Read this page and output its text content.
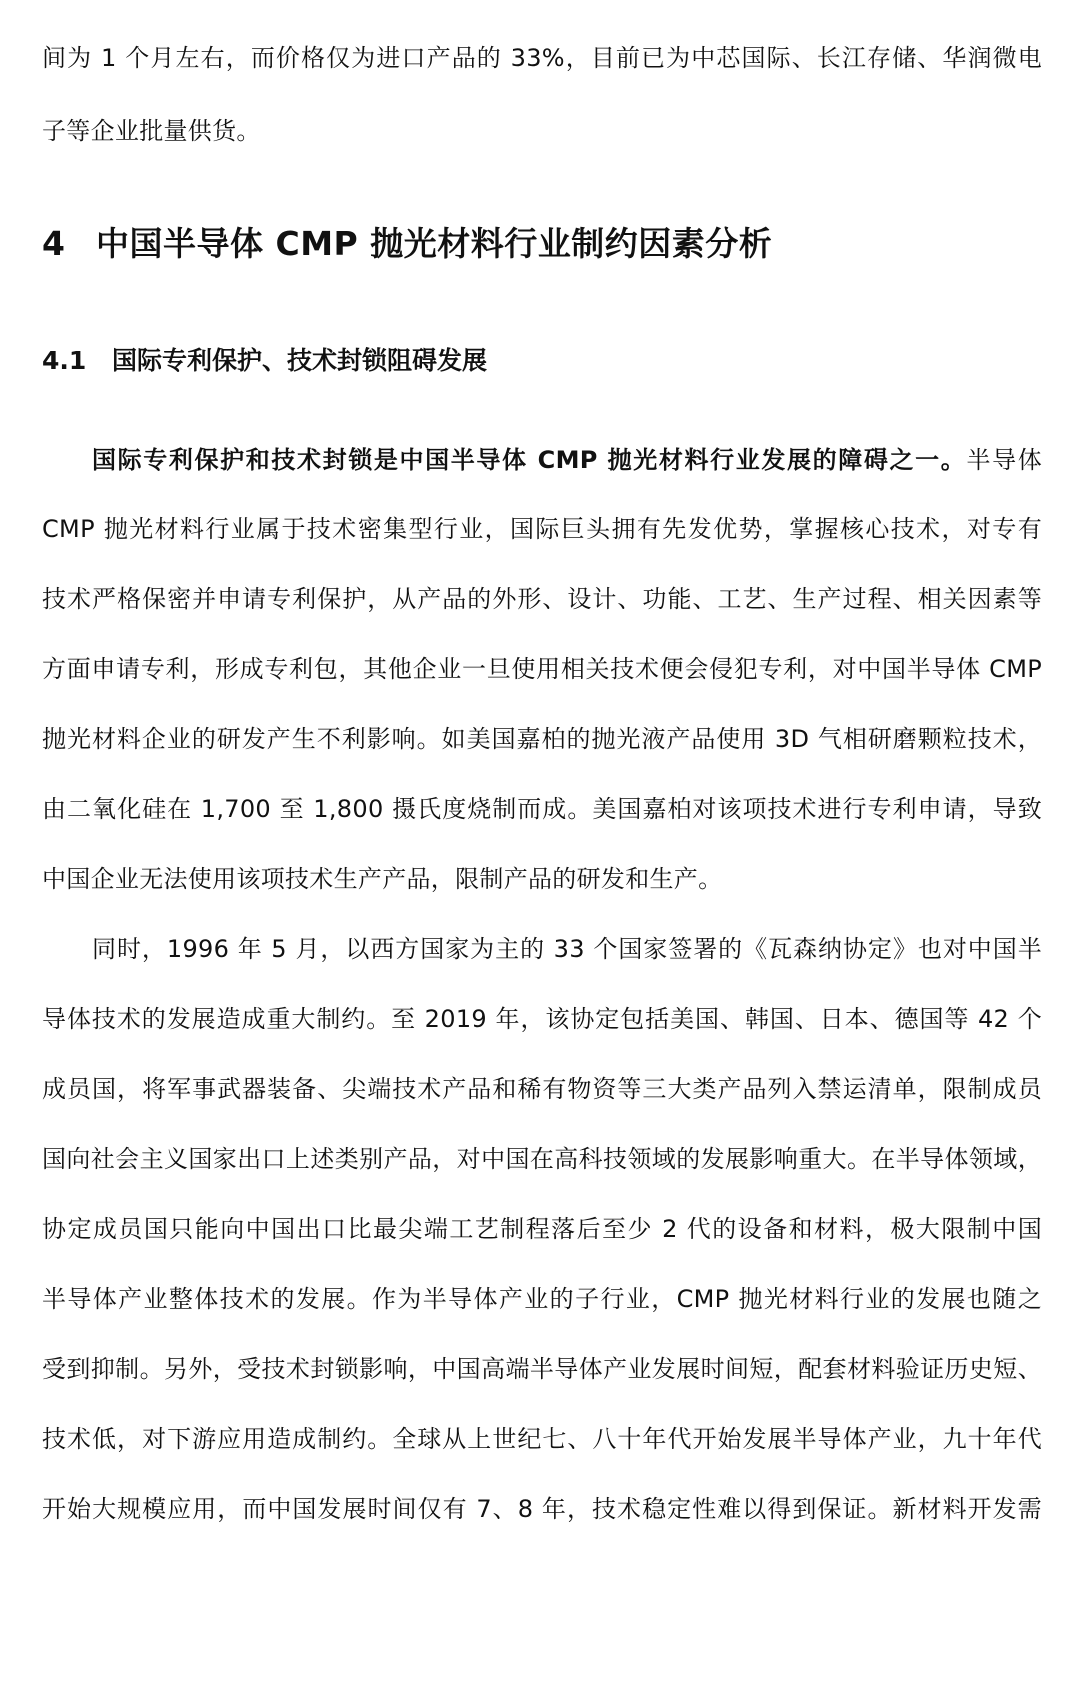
间为 1 个月左右，而价格仅为进口产品的 33%，目前已为中芯国际、长江存储、华润微电
子等企业批量供货。
4 中国半导体 CMP 抛光材料行业制约因素分析
4.1 国际专利保护、技术封锁阻碍发展
国际专利保护和技术封锁是中国半导体 CMP 抛光材料行业发展的障碍之一。半导体
CMP 抛光材料行业属于技术密集型行业，国际巨头拥有先发优势，掌握核心技术，对专有
技术严格保密并申请专利保护，从产品的外形、设计、功能、工艺、生产过程、相关因素等
方面申请专利，形成专利包，其他企业一旦使用相关技术便会侵犯专利，对中国半导体 CMP
抛光材料企业的研发产生不利影响。如美国嘉柏的抛光液产品使用 3D 气相研磨颗粒技术，
由二氧化硅在 1,700 至 1,800 摄氏度烧制而成。美国嘉柏对该项技术进行专利申请，导致
中国企业无法使用该项技术生产产品，限制产品的研发和生产。
同时，1996 年 5 月，以西方国家为主的 33 个国家签署的《瓦森纳协定》也对中国半
导体技术的发展造成重大制约。至 2019 年，该协定包括美国、韩国、日本、德国等 42 个
成员国，将军事武器装备、尖端技术产品和稀有物资等三大类产品列入禁运清单，限制成员
国向社会主义国家出口上述类别产品，对中国在高科技领域的发展影响重大。在半导体领域，
协定成员国只能向中国出口比最尖端工艺制程落后至少 2 代的设备和材料，极大限制中国
半导体产业整体技术的发展。作为半导体产业的子行业，CMP 抛光材料行业的发展也随之
受到抑制。另外，受技术封锁影响，中国高端半导体产业发展时间短，配套材料验证历史短、
技术低，对下游应用造成制约。全球从上世纪七、八十年代开始发展半导体产业，九十年代
开始大规模应用，而中国发展时间仅有 7、8 年，技术稳定性难以得到保证。新材料开发需
